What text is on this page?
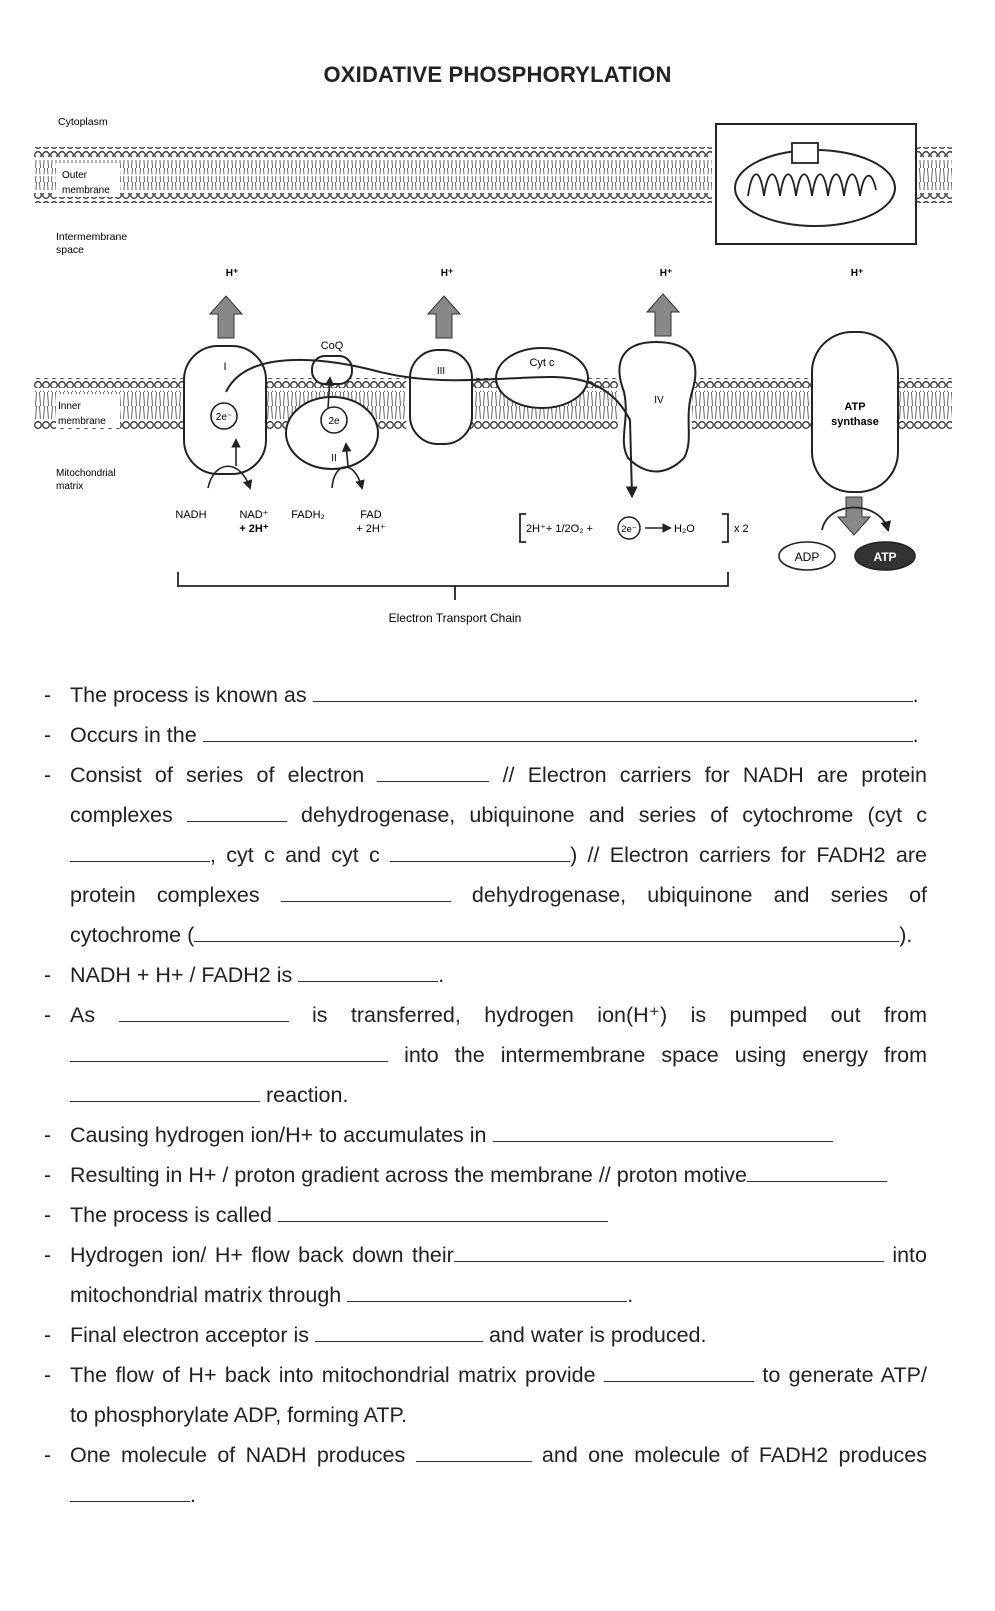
OXIDATIVE PHOSPHORYLATION
Cytoplasm
Outer
membrane
Intermembrane
space
Inner
membrane
Mitochondrial
matrix
I
2e⁻	2e
II
CoQ
III
Cyt c
IV
ATP
synthase
H⁺	H⁺	H⁺	H⁺
NADH	NAD⁺
+ 2H⁺
FADH₂	FAD
+ 2H⁺	2H⁺+ 1/2O₂ +	2e⁻	H₂O	x 2
ADP	ATP
Electron Transport Chain
- The process is known as	.
- Occurs in the	.
- Consist of series of electron	// Electron carriers for NADH are protein
complexes	dehydrogenase, ubiquinone and series of cytochrome (cyt c
, cyt c and cyt c	) // Electron carriers for FADH2 are
protein complexes	dehydrogenase, ubiquinone and series of
cytochrome (	).
- NADH + H+ / FADH2 is	.
- As	is transferred, hydrogen ion(H⁺) is pumped out from
into the intermembrane space using energy from
reaction.
- Causing hydrogen ion/H+ to accumulates in
- Resulting in H+ / proton gradient across the membrane // proton motive
- The process is called
- Hydrogen ion/ H+ flow back down their	into
mitochondrial matrix through	.
- Final electron acceptor is	and water is produced.
- The flow of H+ back into mitochondrial matrix provide	to generate ATP/
to phosphorylate ADP, forming ATP.
- One molecule of NADH produces	and one molecule of FADH2 produces
.
